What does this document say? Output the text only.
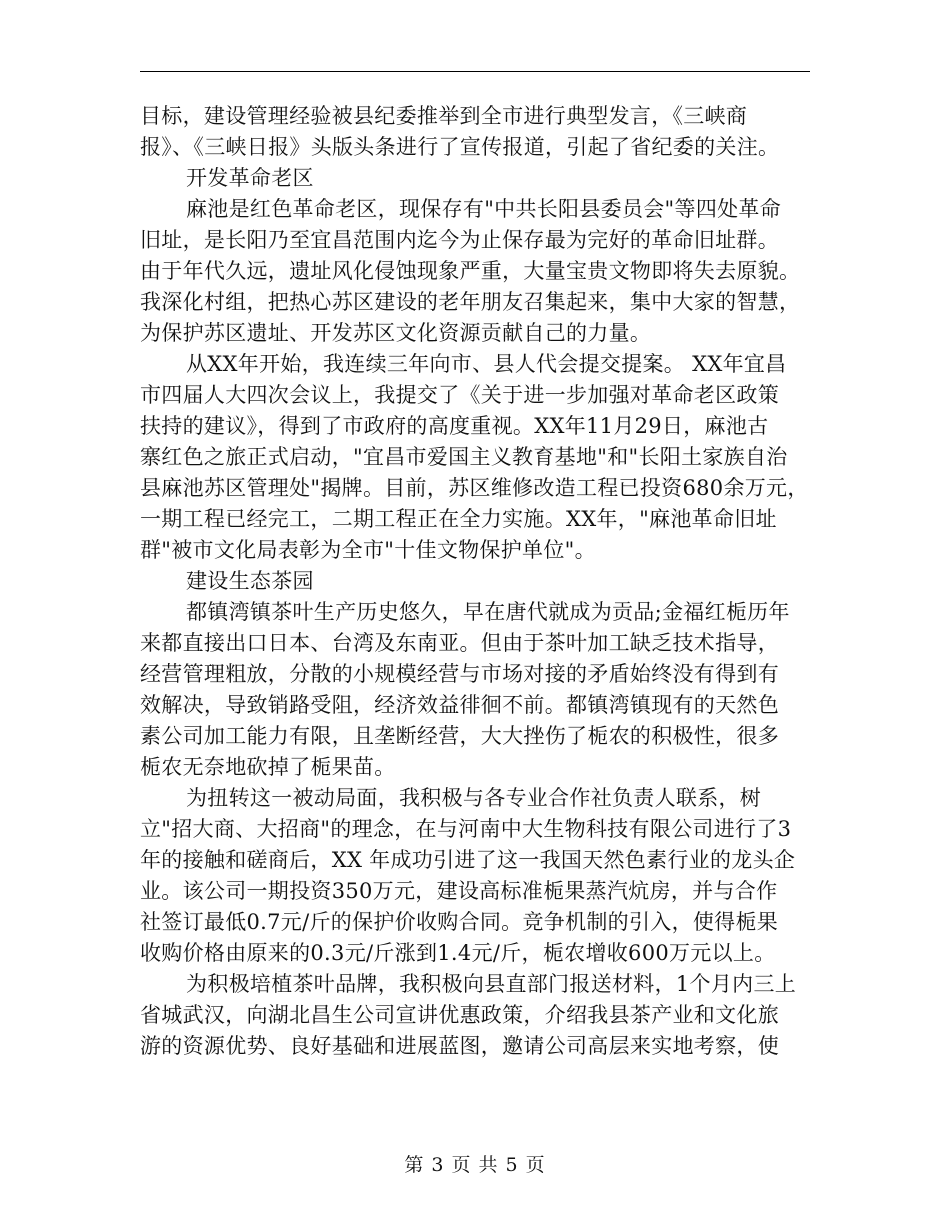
目标，建设管理经验被县纪委推举到全市进行典型发言，《三峡商
报》、《三峡日报》头版头条进行了宣传报道，引起了省纪委的关注。
开发革命老区
麻池是红色革命老区，现保存有"中共长阳县委员会"等四处革命
旧址，是长阳乃至宜昌范围内迄今为止保存最为完好的革命旧址群。
由于年代久远，遗址风化侵蚀现象严重，大量宝贵文物即将失去原貌。
我深化村组，把热心苏区建设的老年朋友召集起来，集中大家的智慧，
为保护苏区遗址、开发苏区文化资源贡献自己的力量。
从XX年开始，我连续三年向市、县人代会提交提案。 XX年宜昌
市四届人大四次会议上，我提交了《关于进一步加强对革命老区政策
扶持的建议》，得到了市政府的高度重视。XX年11月29日，麻池古
寨红色之旅正式启动，"宜昌市爱国主义教育基地"和"长阳土家族自治
县麻池苏区管理处"揭牌。目前，苏区维修改造工程已投资680余万元，
一期工程已经完工，二期工程正在全力实施。XX年，"麻池革命旧址
群"被市文化局表彰为全市"十佳文物保护单位"。
建设生态茶园
都镇湾镇茶叶生产历史悠久，早在唐代就成为贡品;金福红栀历年
来都直接出口日本、台湾及东南亚。但由于茶叶加工缺乏技术指导，
经营管理粗放，分散的小规模经营与市场对接的矛盾始终没有得到有
效解决，导致销路受阻，经济效益徘徊不前。都镇湾镇现有的天然色
素公司加工能力有限，且垄断经营，大大挫伤了栀农的积极性，很多
栀农无奈地砍掉了栀果苗。
为扭转这一被动局面，我积极与各专业合作社负责人联系，树
立"招大商、大招商"的理念，在与河南中大生物科技有限公司进行了3
年的接触和磋商后，XX 年成功引进了这一我国天然色素行业的龙头企
业。该公司一期投资350万元，建设高标准栀果蒸汽炕房，并与合作
社签订最低0.7元/斤的保护价收购合同。竞争机制的引入，使得栀果
收购价格由原来的0.3元/斤涨到1.4元/斤，栀农增收600万元以上。
为积极培植茶叶品牌，我积极向县直部门报送材料，1个月内三上
省城武汉，向湖北昌生公司宣讲优惠政策，介绍我县茶产业和文化旅
游的资源优势、良好基础和进展蓝图，邀请公司高层来实地考察，使
第 3 页 共 5 页
